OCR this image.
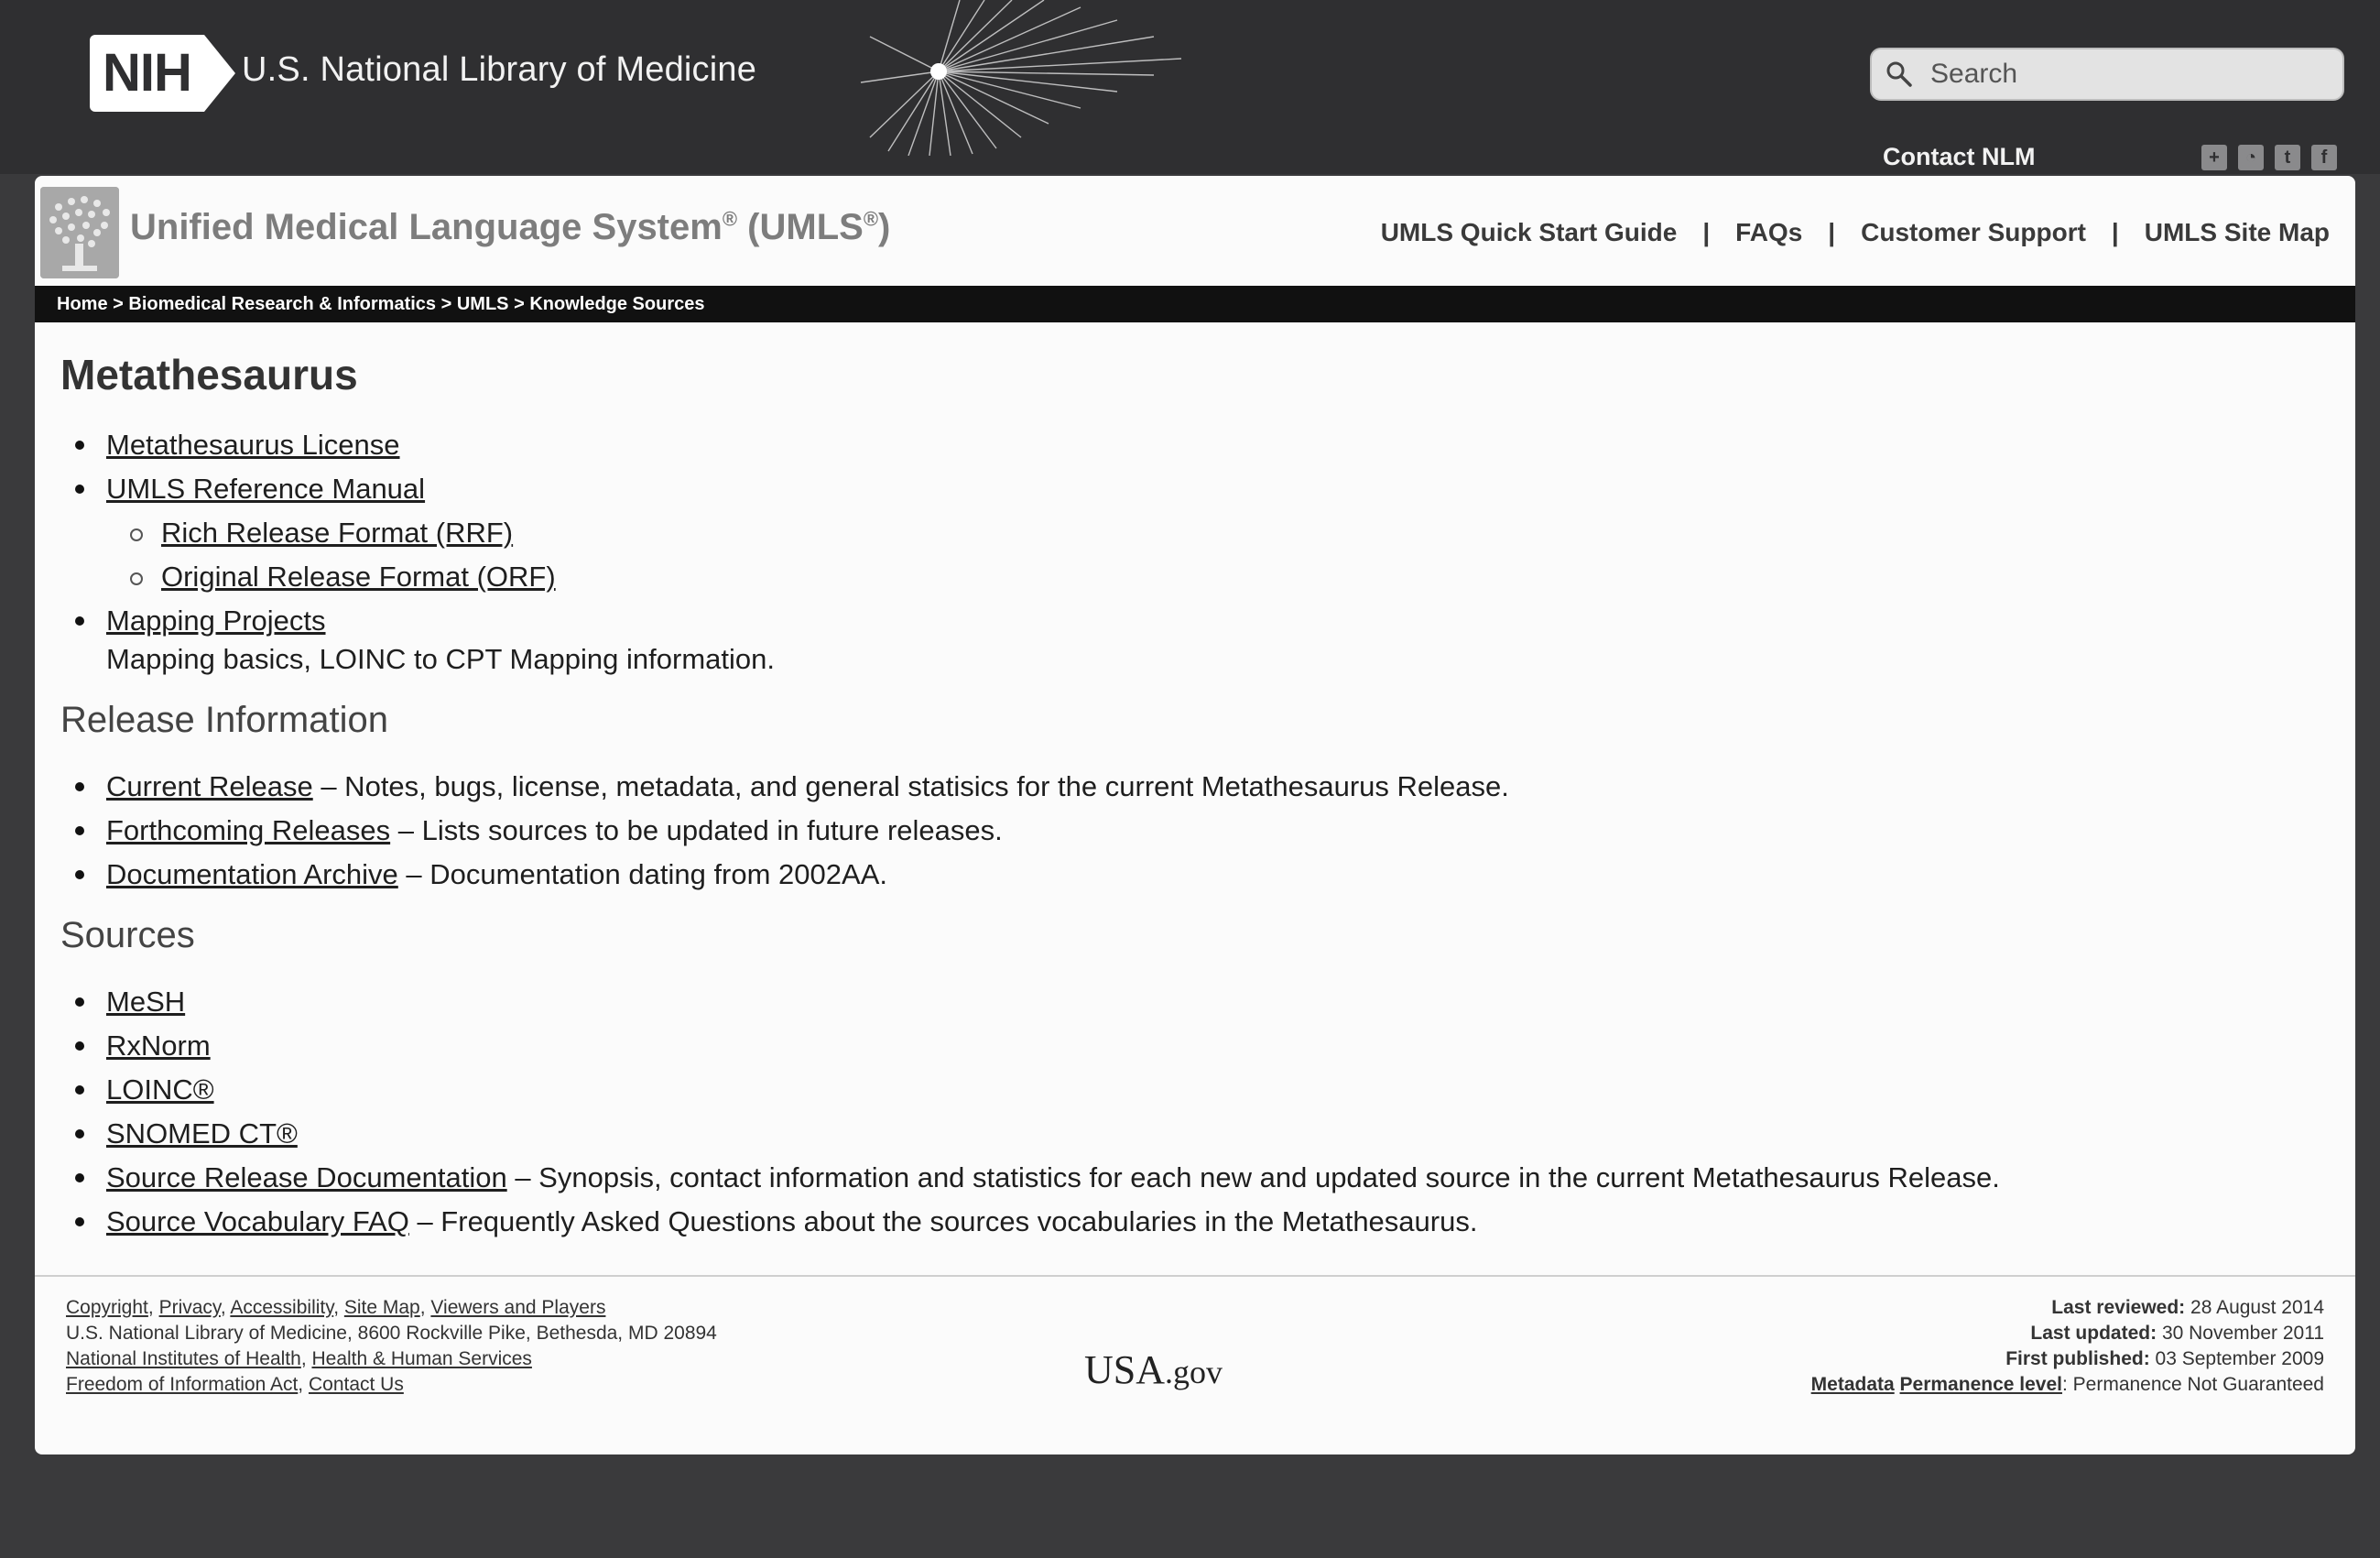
NIH	U.S. National Library of Medicine
Search
Contact NLM	+	◔	t	f
Unified Medical Language System® (UMLS®)	UMLS Quick Start Guide | FAQs | Customer Support | UMLS Site Map
Home > Biomedical Research & Informatics > UMLS > Knowledge Sources
Metathesaurus
Metathesaurus License
UMLS Reference Manual
Rich Release Format (RRF)
Original Release Format (ORF)
Mapping Projects
Mapping basics, LOINC to CPT Mapping information.
Release Information
Current Release – Notes, bugs, license, metadata, and general statisics for the current Metathesaurus Release.
Forthcoming Releases – Lists sources to be updated in future releases.
Documentation Archive – Documentation dating from 2002AA.
Sources
MeSH
RxNorm
LOINC®
SNOMED CT®
Source Release Documentation – Synopsis, contact information and statistics for each new and updated source in the current Metathesaurus Release.
Source Vocabulary FAQ – Frequently Asked Questions about the sources vocabularies in the Metathesaurus.
Copyright, Privacy, Accessibility, Site Map, Viewers and Players
U.S. National Library of Medicine, 8600 Rockville Pike, Bethesda, MD 20894
National Institutes of Health, Health & Human Services
Freedom of Information Act, Contact Us	USA.gov
Last reviewed: 28 August 2014
Last updated: 30 November 2011
First published: 03 September 2009
Metadata Permanence level: Permanence Not Guaranteed
